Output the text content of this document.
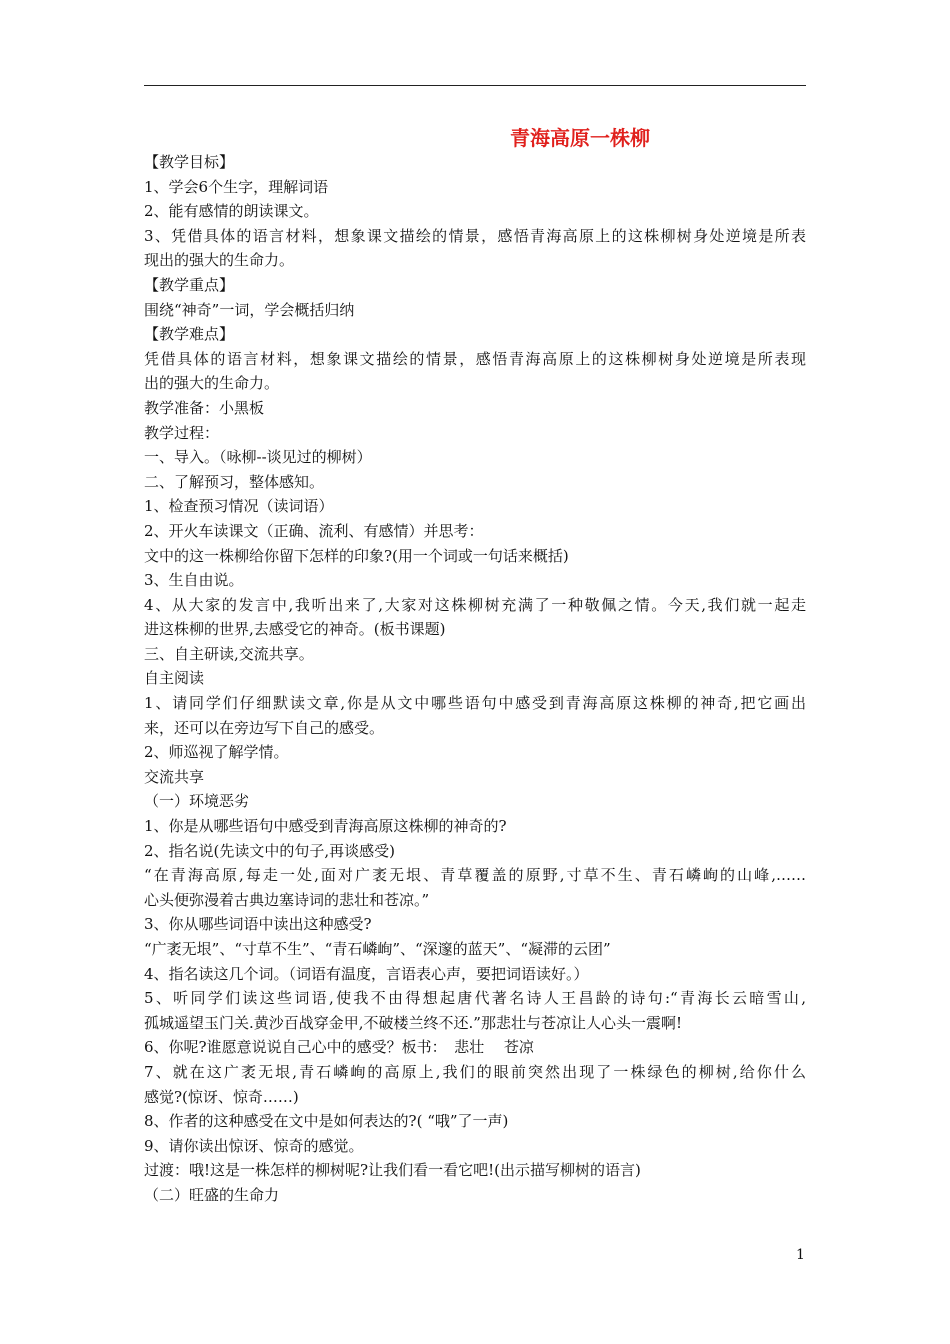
青海高原一株柳
【教学目标】
1、学会6个生字，理解词语
2、能有感情的朗读课文。
3、凭借具体的语言材料，想象课文描绘的情景，感悟青海高原上的这株柳树身处逆境是所表
现出的强大的生命力。
【教学重点】
围绕“神奇”一词，学会概括归纳
【教学难点】
凭借具体的语言材料，想象课文描绘的情景，感悟青海高原上的这株柳树身处逆境是所表现
出的强大的生命力。
教学准备：小黑板
教学过程：
一、导入。（咏柳--谈见过的柳树）
二、了解预习，整体感知。
1、检查预习情况（读词语）
2、开火车读课文（正确、流利、有感情）并思考：
文中的这一株柳给你留下怎样的印象?(用一个词或一句话来概括)
3、生自由说。
4、从大家的发言中,我听出来了,大家对这株柳树充满了一种敬佩之情。今天,我们就一起走
进这株柳的世界,去感受它的神奇。(板书课题)
三、自主研读,交流共享。
自主阅读
1、请同学们仔细默读文章,你是从文中哪些语句中感受到青海高原这株柳的神奇,把它画出
来，还可以在旁边写下自己的感受。
2、师巡视了解学情。
交流共享
（一）环境恶劣
1、你是从哪些语句中感受到青海高原这株柳的神奇的?
2、指名说(先读文中的句子,再谈感受)
“在青海高原,每走一处,面对广袤无垠、青草覆盖的原野,寸草不生、青石嶙峋的山峰,……
心头便弥漫着古典边塞诗词的悲壮和苍凉。”
3、你从哪些词语中读出这种感受?
“广袤无垠”、“寸草不生”、“青石嶙峋”、“深邃的蓝天”、“凝滞的云团”
4、指名读这几个词。（词语有温度，言语表心声，要把词语读好。）
5、听同学们读这些词语,使我不由得想起唐代著名诗人王昌龄的诗句:“青海长云暗雪山,
孤城遥望玉门关.黄沙百战穿金甲,不破楼兰终不还.”那悲壮与苍凉让人心头一震啊!
6、你呢?谁愿意说说自己心中的感受？板书：　悲壮　 苍凉
7、就在这广袤无垠,青石嶙峋的高原上,我们的眼前突然出现了一株绿色的柳树,给你什么
感觉?(惊讶、惊奇……)
8、作者的这种感受在文中是如何表达的?( “哦”了一声)
9、请你读出惊讶、惊奇的感觉。
过渡：哦!这是一株怎样的柳树呢?让我们看一看它吧!(出示描写柳树的语言)
（二）旺盛的生命力
1
